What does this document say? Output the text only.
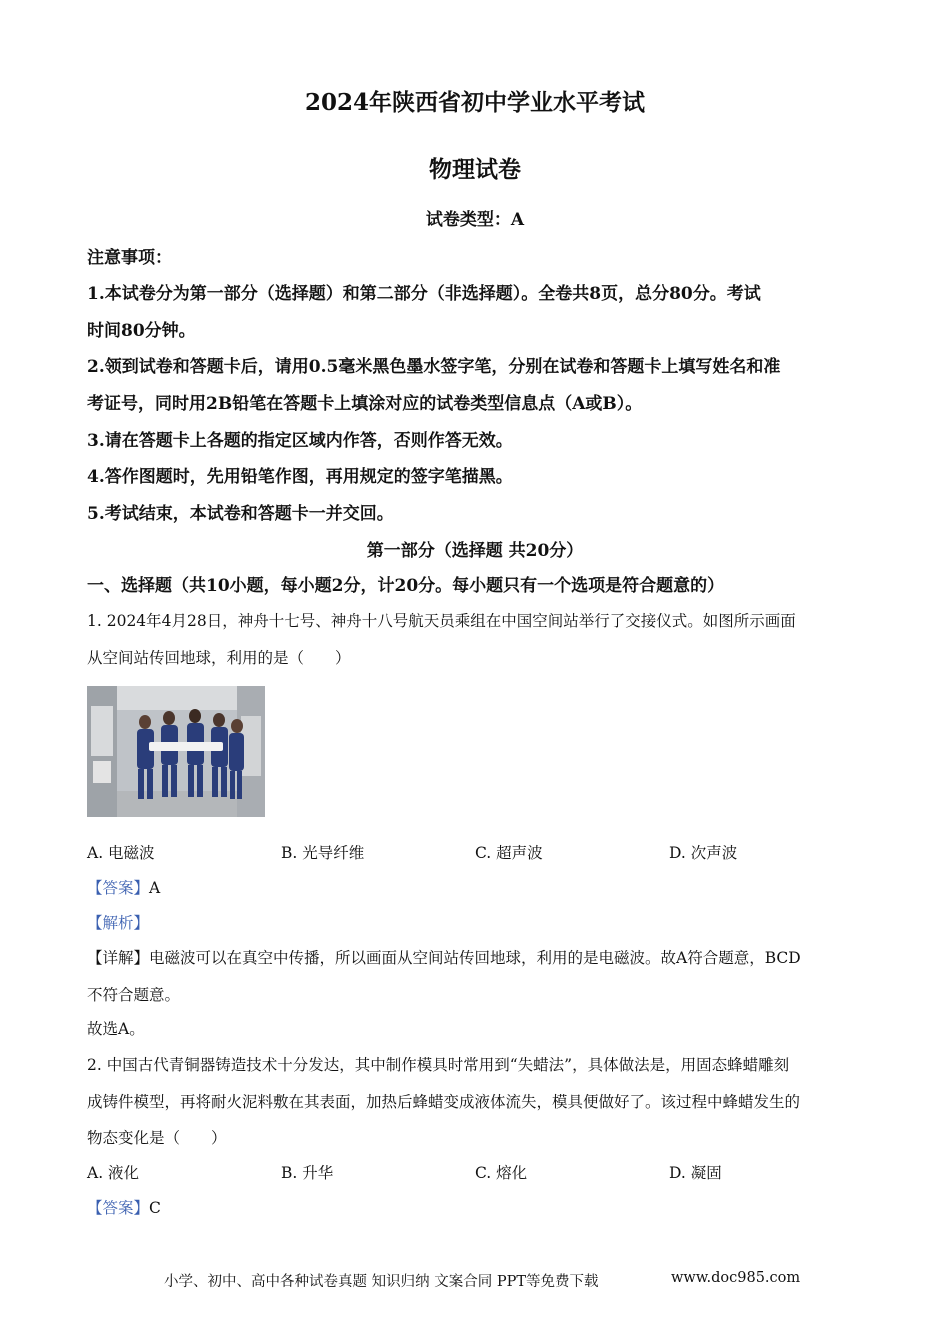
2024年陕西省初中学业水平考试
物理试卷
试卷类型：A
注意事项：
1.本试卷分为第一部分（选择题）和第二部分（非选择题）。全卷共8页，总分80分。考试
时间80分钟。
2.领到试卷和答题卡后，请用0.5毫米黑色墨水签字笔，分别在试卷和答题卡上填写姓名和准
考证号，同时用2B铅笔在答题卡上填涂对应的试卷类型信息点（A或B）。
3.请在答题卡上各题的指定区域内作答，否则作答无效。
4.答作图题时，先用铅笔作图，再用规定的签字笔描黑。
5.考试结束，本试卷和答题卡一并交回。
第一部分（选择题 共20分）
一、选择题（共10小题，每小题2分，计20分。每小题只有一个选项是符合题意的）
1. 2024年4月28日，神舟十七号、神舟十八号航天员乘组在中国空间站举行了交接仪式。如图所示画面
从空间站传回地球，利用的是（　　）
A. 电磁波	B. 光导纤维	C. 超声波	D. 次声波
【答案】A
【解析】
【详解】电磁波可以在真空中传播，所以画面从空间站传回地球，利用的是电磁波。故A符合题意，BCD
不符合题意。
故选A。
2. 中国古代青铜器铸造技术十分发达，其中制作模具时常用到“失蜡法”，具体做法是，用固态蜂蜡雕刻
成铸件模型，再将耐火泥料敷在其表面，加热后蜂蜡变成液体流失，模具便做好了。该过程中蜂蜡发生的
物态变化是（　　）
A. 液化	B. 升华	C. 熔化	D. 凝固
【答案】C
小学、初中、高中各种试卷真题 知识归纳 文案合同 PPT等免费下载	www.doc985.com
